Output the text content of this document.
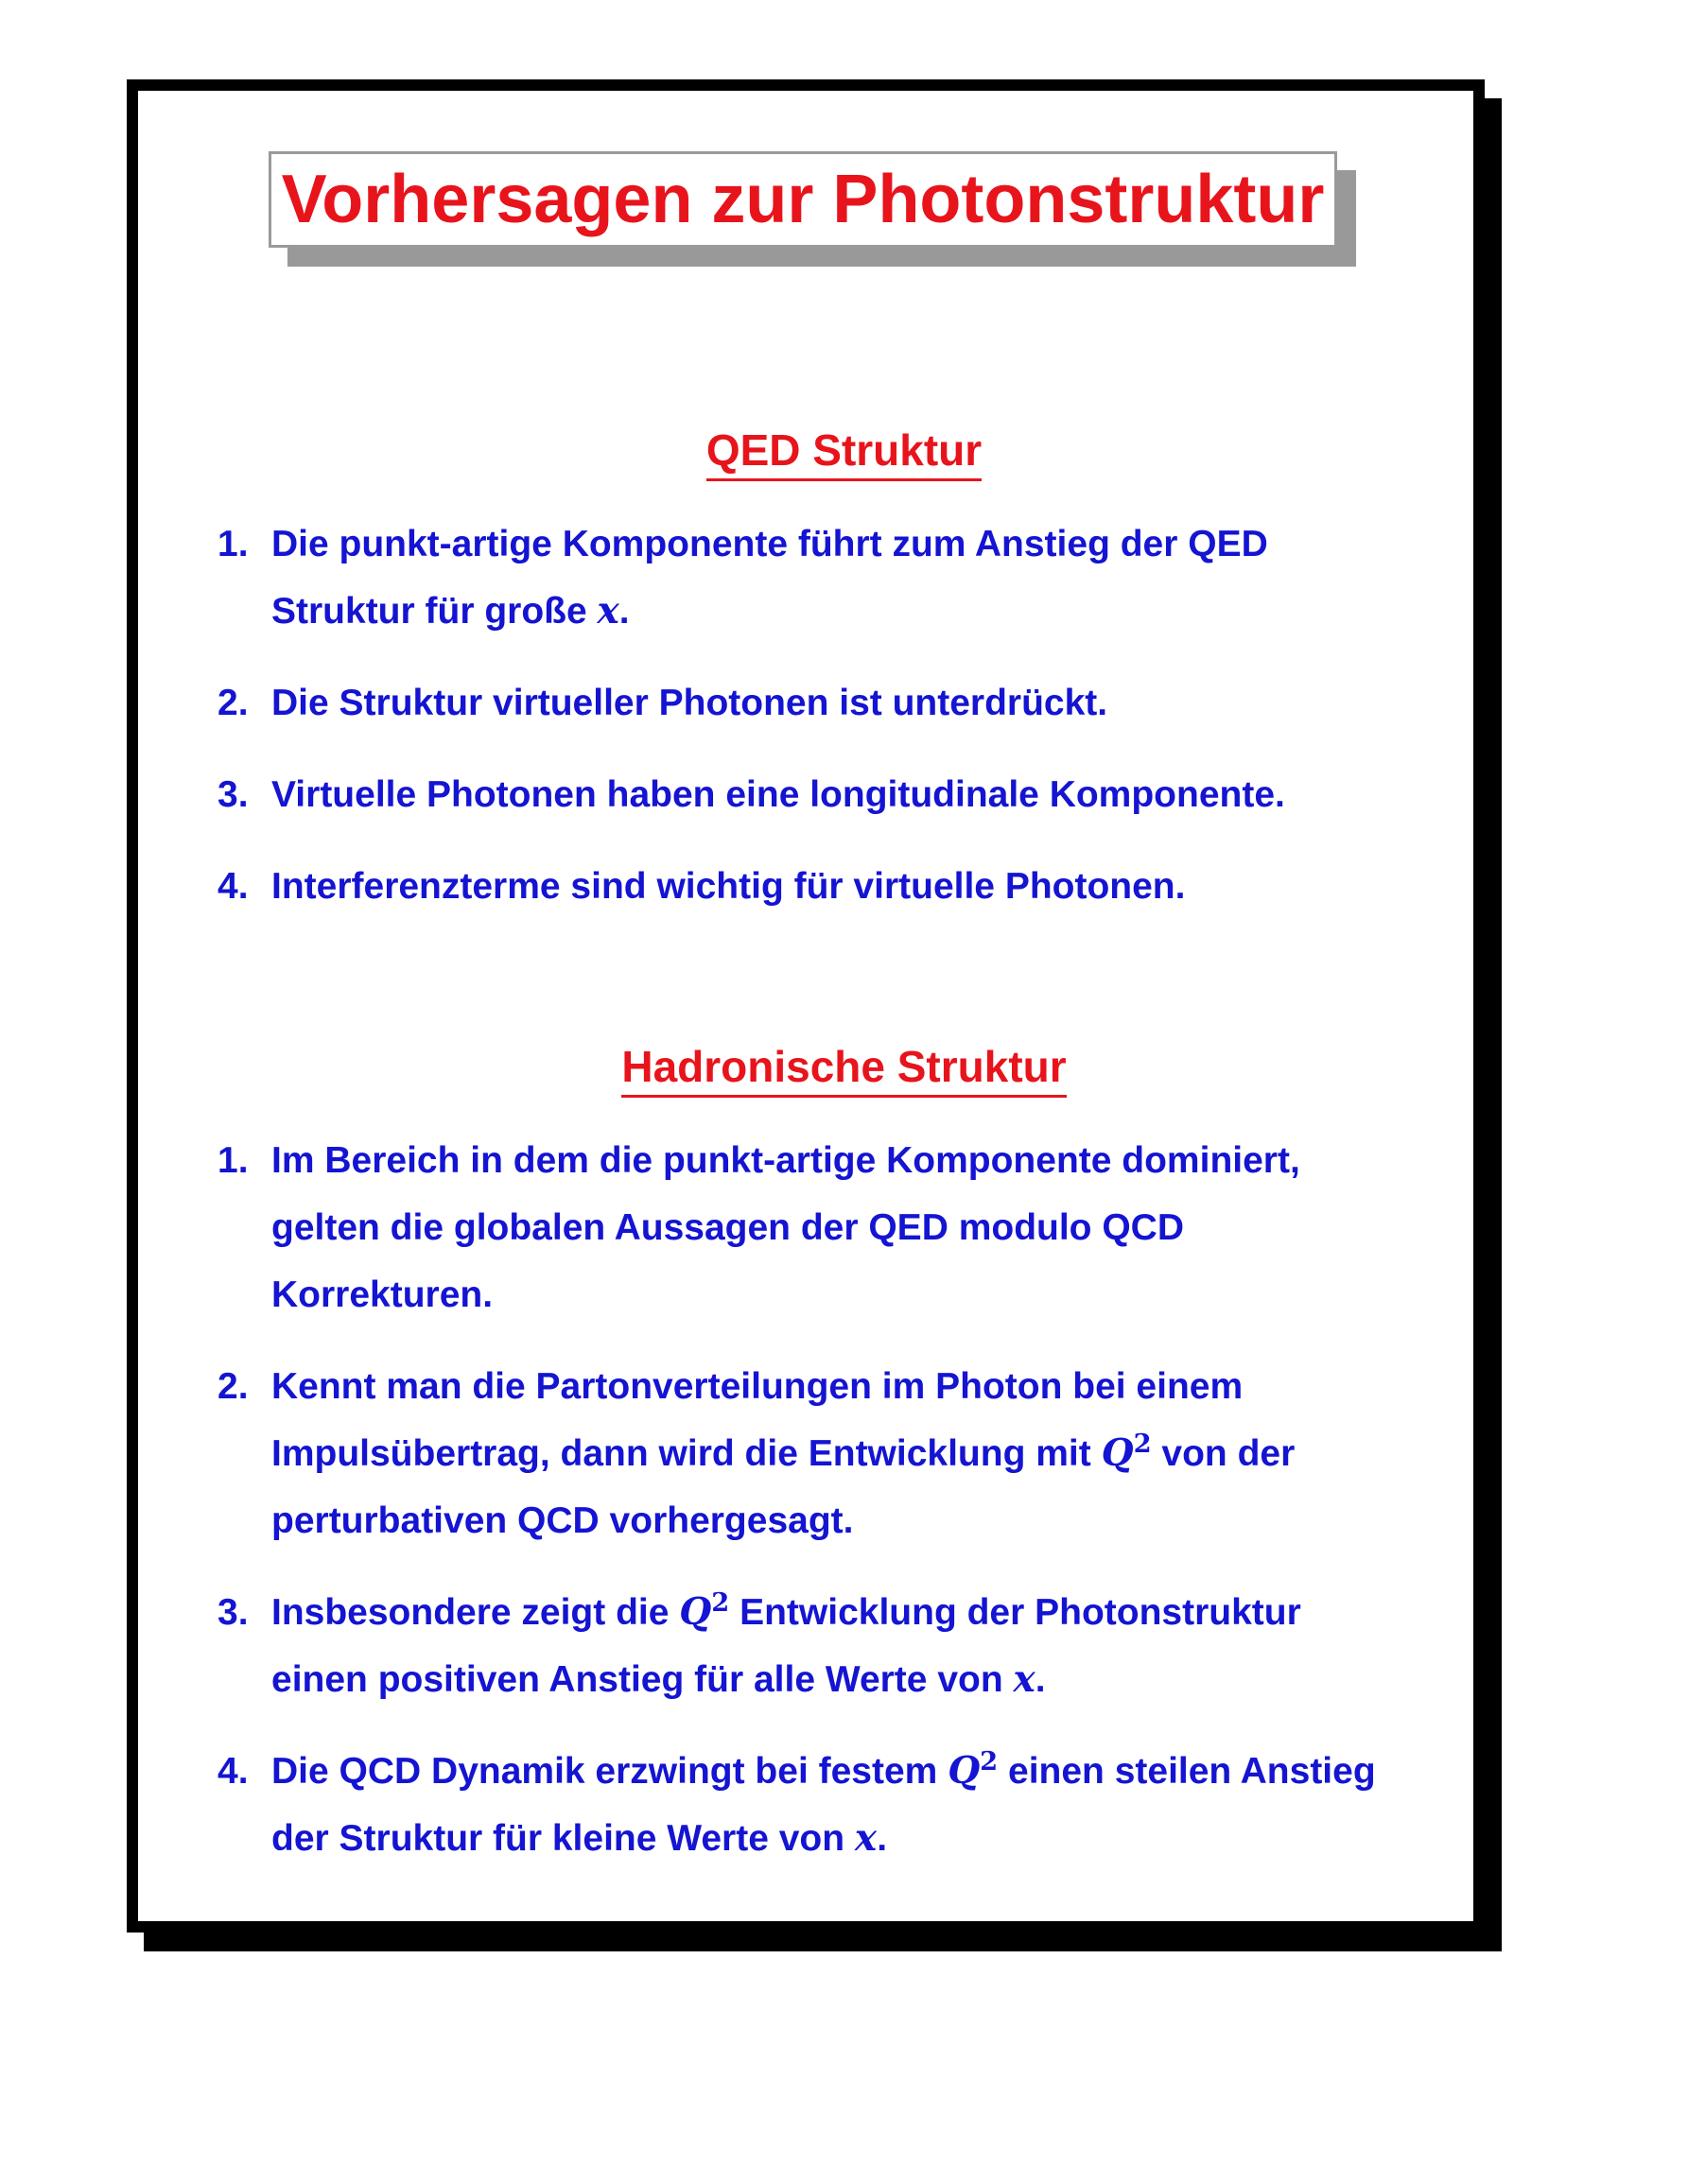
Vorhersagen zur Photonstruktur
QED Struktur
1. Die punkt-artige Komponente führt zum Anstieg der QED Struktur für große x.
2. Die Struktur virtueller Photonen ist unterdrückt.
3. Virtuelle Photonen haben eine longitudinale Komponente.
4. Interferenzterme sind wichtig für virtuelle Photonen.
Hadronische Struktur
1. Im Bereich in dem die punkt-artige Komponente dominiert, gelten die globalen Aussagen der QED modulo QCD Korrekturen.
2. Kennt man die Partonverteilungen im Photon bei einem Impulsübertrag, dann wird die Entwicklung mit $Q^2$ von der perturbativen QCD vorhergesagt.
3. Insbesondere zeigt die $Q^2$ Entwicklung der Photonstruktur einen positiven Anstieg für alle Werte von x.
4. Die QCD Dynamik erzwingt bei festem $Q^2$ einen steilen Anstieg der Struktur für kleine Werte von x.
